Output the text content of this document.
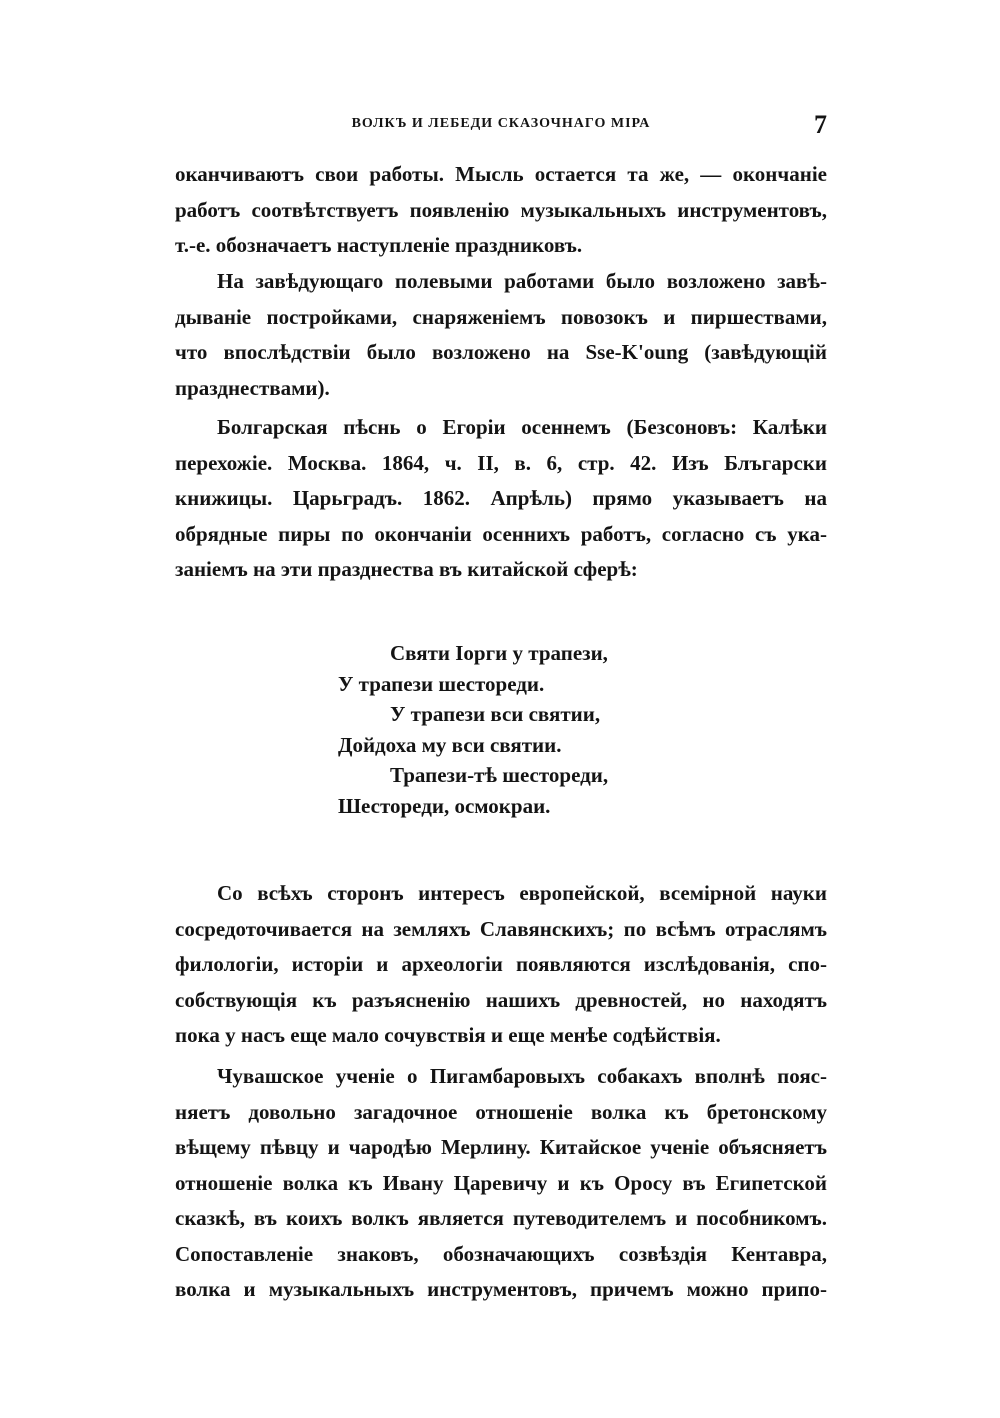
ВОЛКЪ И ЛЕБЕДИ СКАЗОЧНАГО МІРА	7

оканчиваютъ свои работы. Мысль остается та же, — окончаніе
работъ соотвѣтствуетъ появленію музыкальныхъ инструментовъ,
т.-е. обозначаетъ наступленіе праздниковъ.

На завѣдующаго полевыми работами было возложено завѣ-
дываніе постройками, снаряженіемъ повозокъ и пиршествами,
что впослѣдствіи было возложено на Sse-K'oung (завѣдующій
празднествами).

Болгарская пѣснь о Егоріи осеннемъ (Безсоновъ: Калѣки
перехожіе. Москва. 1864, ч. II, в. 6, стр. 42. Изъ Блъгарски
книжицы. Царьградъ. 1862. Апрѣль) прямо указываетъ на
обрядные пиры по окончаніи осеннихъ работъ, согласно съ ука-
заніемъ на эти празднества въ китайской сферѣ:

Святи Іорги у трапези,
У трапези шестореди.
У трапези вси святии,
Дойдоха му вси святии.
Трапези-тѣ шестореди,
Шестореди, осмокраи.

Со всѣхъ сторонъ интересъ европейской, всемірной науки
сосредоточивается на земляхъ Славянскихъ; по всѣмъ отраслямъ
филологіи, исторіи и археологіи появляются изслѣдованія, спо-
собствующія къ разъясненію нашихъ древностей, но находятъ
пока у насъ еще мало сочувствія и еще менѣе содѣйствія.

Чувашское ученіе о Пигамбаровыхъ собакахъ вполнѣ пояс-
няетъ довольно загадочное отношеніе волка къ бретонскому
вѣщему пѣвцу и чародѣю Мерлину. Китайское ученіе объясняетъ
отношеніе волка къ Ивану Царевичу и къ Оросу въ Египетской
сказкѣ, въ коихъ волкъ является путеводителемъ и пособникомъ.
Сопоставленіе знаковъ, обозначающихъ созвѣздія Кентавра,
волка и музыкальныхъ инструментовъ, причемъ можно припо-
